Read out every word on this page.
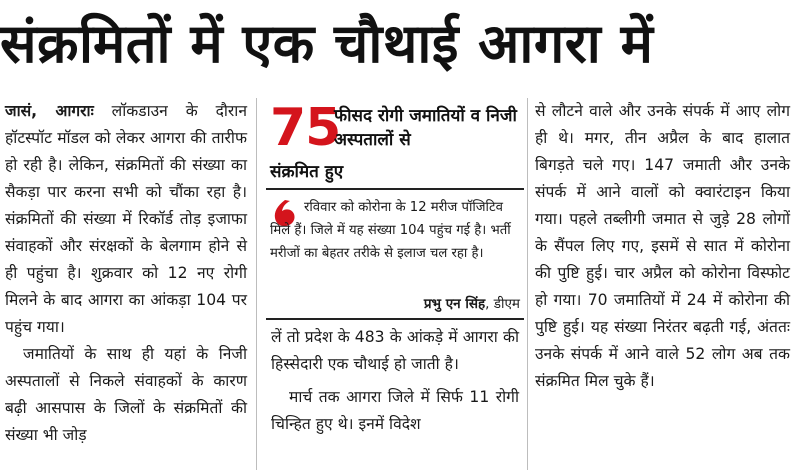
संक्रमितों में एक चौथाई आगरा में

जासं, आगराः लॉकडाउन के दौरान हॉटस्पॉट मॉडल को लेकर आगरा की तारीफ हो रही है। लेकिन, संक्रमितों की संख्या का सैकड़ा पार करना सभी को चौंका रहा है। संक्रमितों की संख्या में रिकॉर्ड तोड़ इजाफा संवाहकों और संरक्षकों के बेलगाम होने से ही पहुंचा है। शुक्रवार को 12 नए रोगी मिलने के बाद आगरा का आंकड़ा 104 पर पहुंच गया।

जमातियों के साथ ही यहां के निजी अस्पतालों से निकले संवाहकों के कारण बढ़ी आसपास के जिलों के संक्रमितों की संख्या भी जोड़

75
फीसद रोगी जमातियों व निजी अस्पतालों से
संक्रमित हुए
रविवार को कोरोना के 12 मरीज पॉजिटिव मिले हैं। जिले में यह संख्या 104 पहुंच गई है। भर्ती मरीजों का बेहतर तरीके से इलाज चल रहा है।
प्रभु एन सिंह, डीएम

लें तो प्रदेश के 483 के आंकड़े में आगरा की हिस्सेदारी एक चौथाई हो जाती है।

मार्च तक आगरा जिले में सिर्फ 11 रोगी चिन्हित हुए थे। इनमें विदेश

से लौटने वाले और उनके संपर्क में आए लोग ही थे। मगर, तीन अप्रैल के बाद हालात बिगड़ते चले गए। 147 जमाती और उनके संपर्क में आने वालों को क्वारंटाइन किया गया। पहले तब्लीगी जमात से जुड़े 28 लोगों के सैंपल लिए गए, इसमें से सात में कोरोना की पुष्टि हुई। चार अप्रैल को कोरोना विस्फोट हो गया। 70 जमातियों में 24 में कोरोना की पुष्टि हुई। यह संख्या निरंतर बढ़ती गई, अंततः उनके संपर्क में आने वाले 52 लोग अब तक संक्रमित मिल चुके हैं।
